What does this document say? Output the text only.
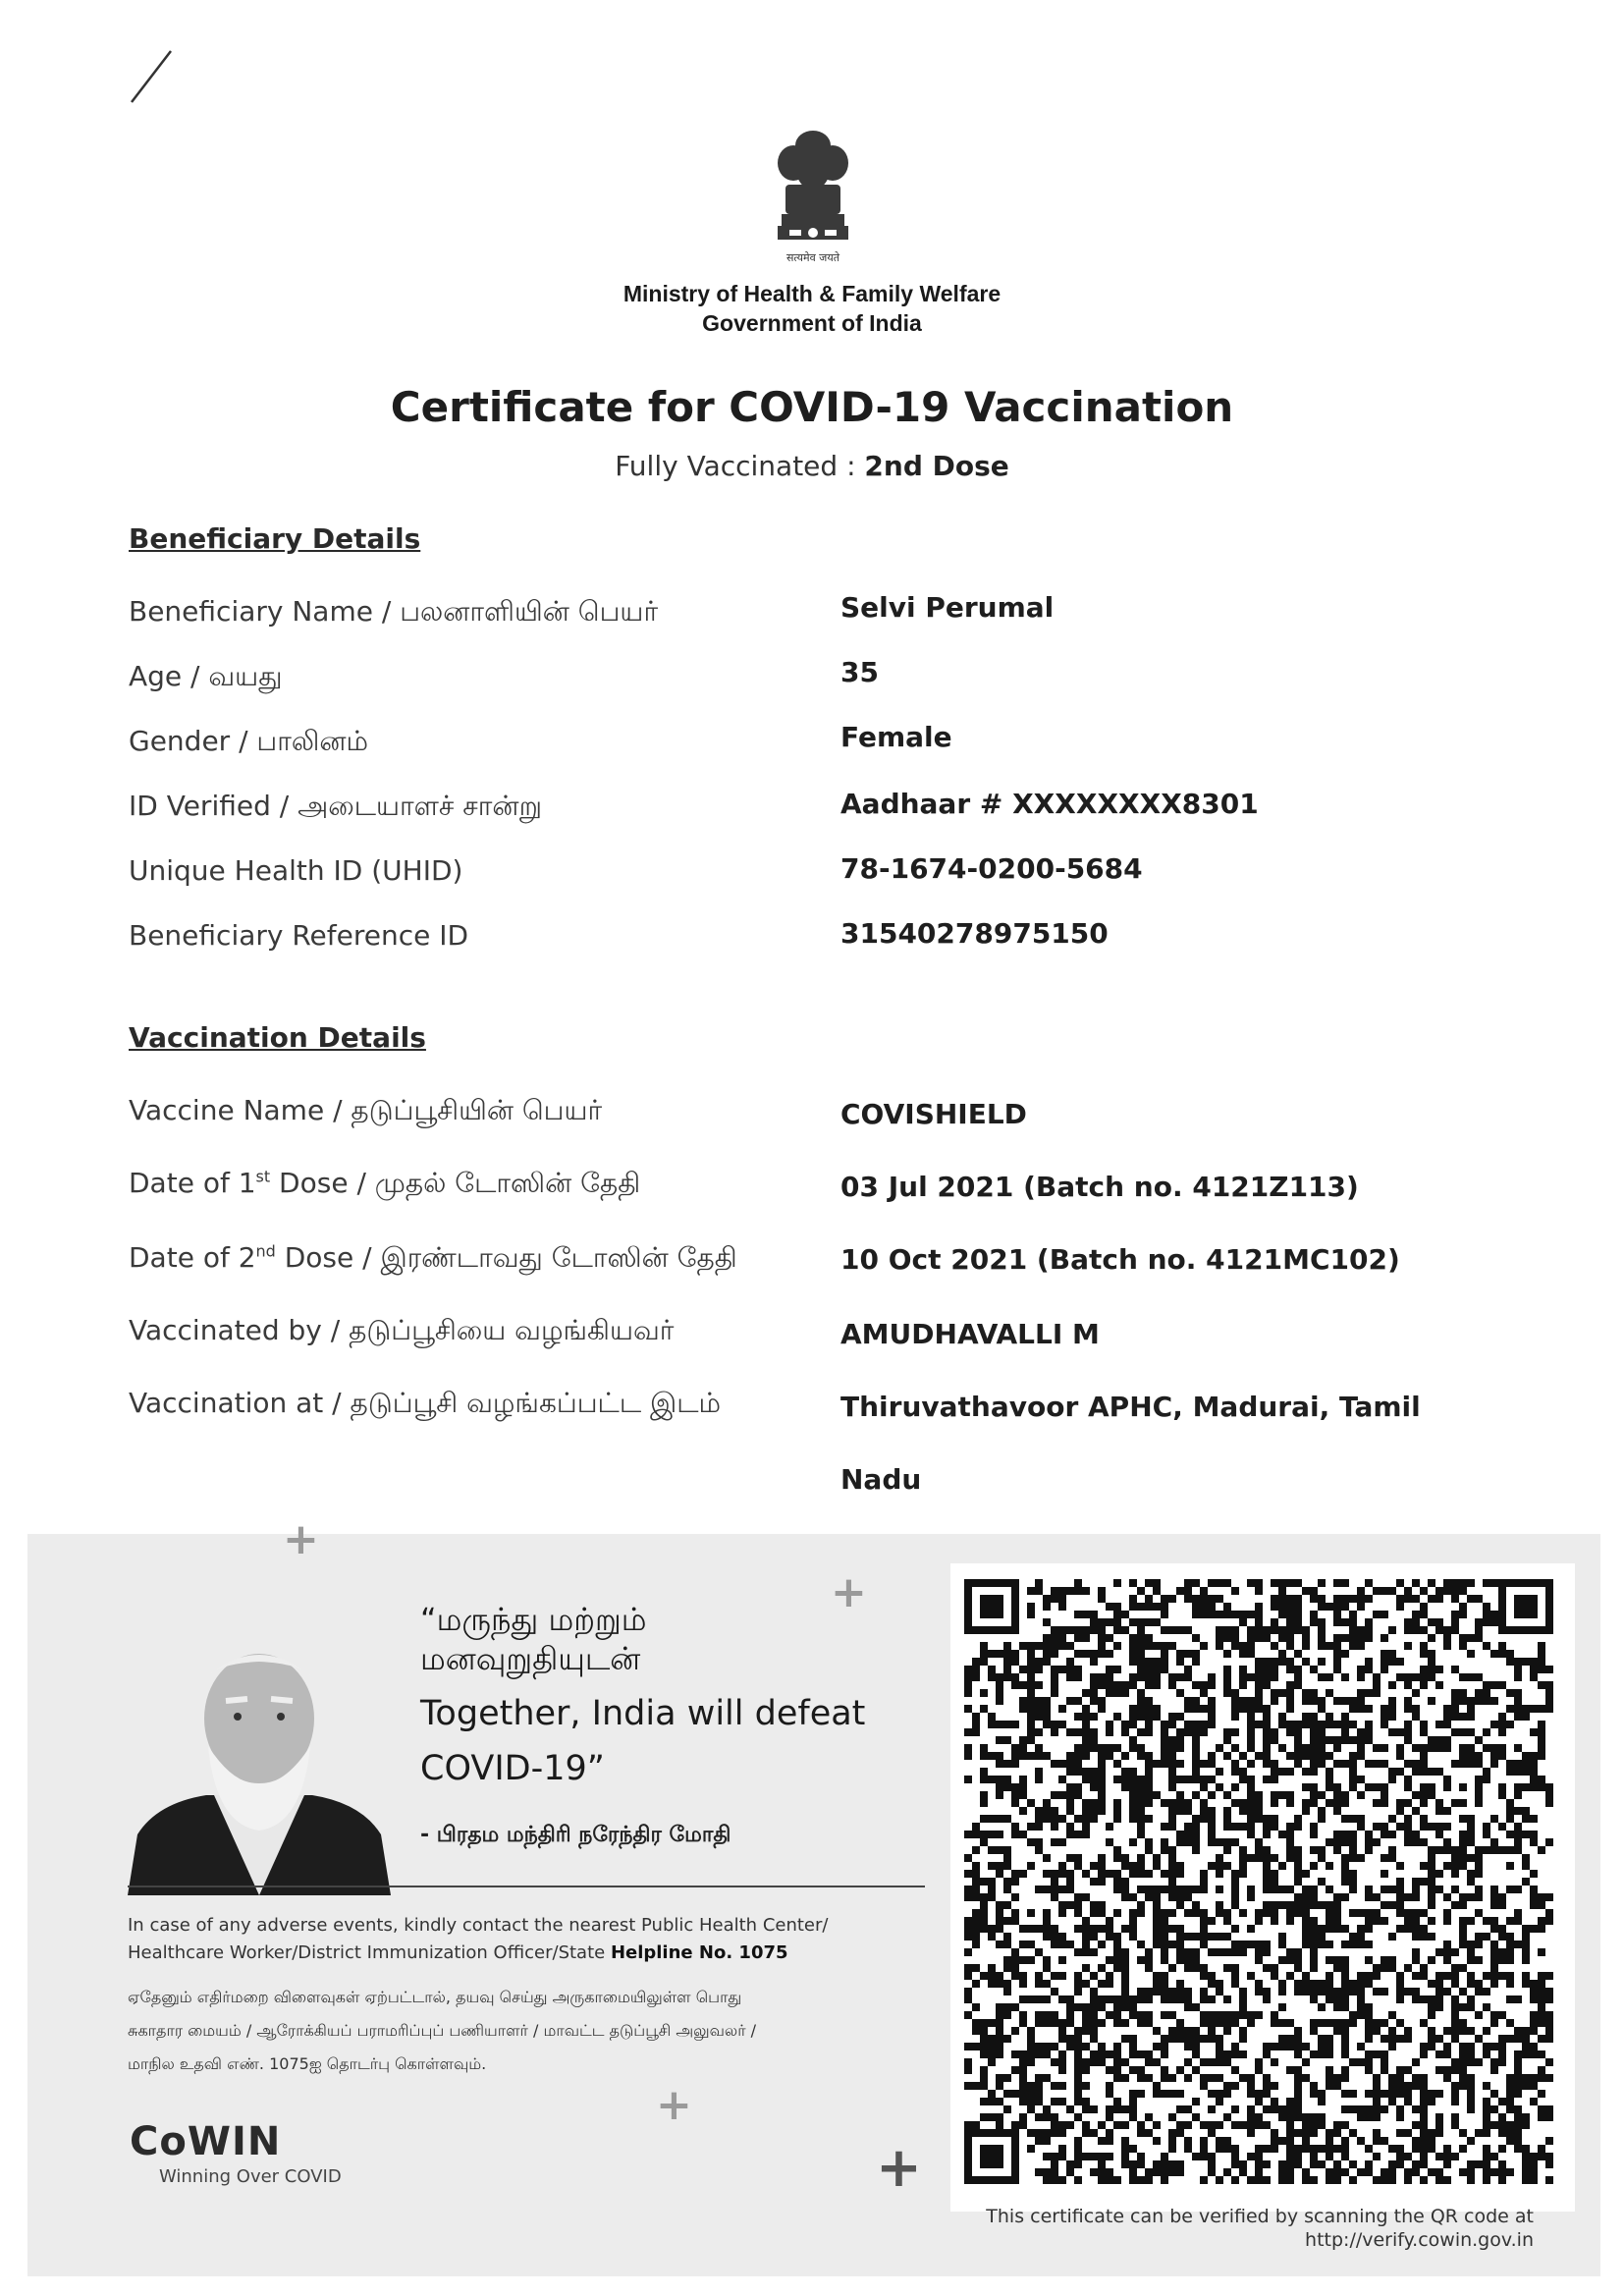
सत्यमेव जयते
Ministry of Health & Family Welfare
Government of India
Certificate for COVID-19 Vaccination
Fully Vaccinated : 2nd Dose
Beneficiary Details
Beneficiary Name / பலனாளியின் பெயர்	Selvi Perumal
Age / வயது	35
Gender / பாலினம்	Female
ID Verified / அடையாளச் சான்று	Aadhaar # XXXXXXXX8301
Unique Health ID (UHID)	78-1674-0200-5684
Beneficiary Reference ID	31540278975150
Vaccination Details
Vaccine Name / தடுப்பூசியின் பெயர்	COVISHIELD
Date of 1st Dose / முதல் டோஸின் தேதி	03 Jul 2021 (Batch no. 4121Z113)
Date of 2nd Dose / இரண்டாவது டோஸின் தேதி	10 Oct 2021 (Batch no. 4121MC102)
Vaccinated by / தடுப்பூசியை வழங்கியவர்	AMUDHAVALLI M
Vaccination at / தடுப்பூசி வழங்கப்பட்ட இடம்	Thiruvathavoor APHC, Madurai, Tamil
Nadu
+
+
+
+
“மருந்து மற்றும்
மனவுறுதியுடன்
Together, India will defeat
COVID-19”
- பிரதம மந்திரி நரேந்திர மோதி
In case of any adverse events, kindly contact the nearest Public Health Center/
Healthcare Worker/District Immunization Officer/State Helpline No. 1075
ஏதேனும் எதிர்மறை விளைவுகள் ஏற்பட்டால், தயவு செய்து அருகாமையிலுள்ள பொது
சுகாதார மையம் / ஆரோக்கியப் பராமரிப்புப் பணியாளர் / மாவட்ட தடுப்பூசி அலுவலர் /
மாநில உதவி எண். 1075ஐ தொடர்பு கொள்ளவும்.
CoWIN
Winning Over COVID
This certificate can be verified by scanning the QR code at
http://verify.cowin.gov.in
